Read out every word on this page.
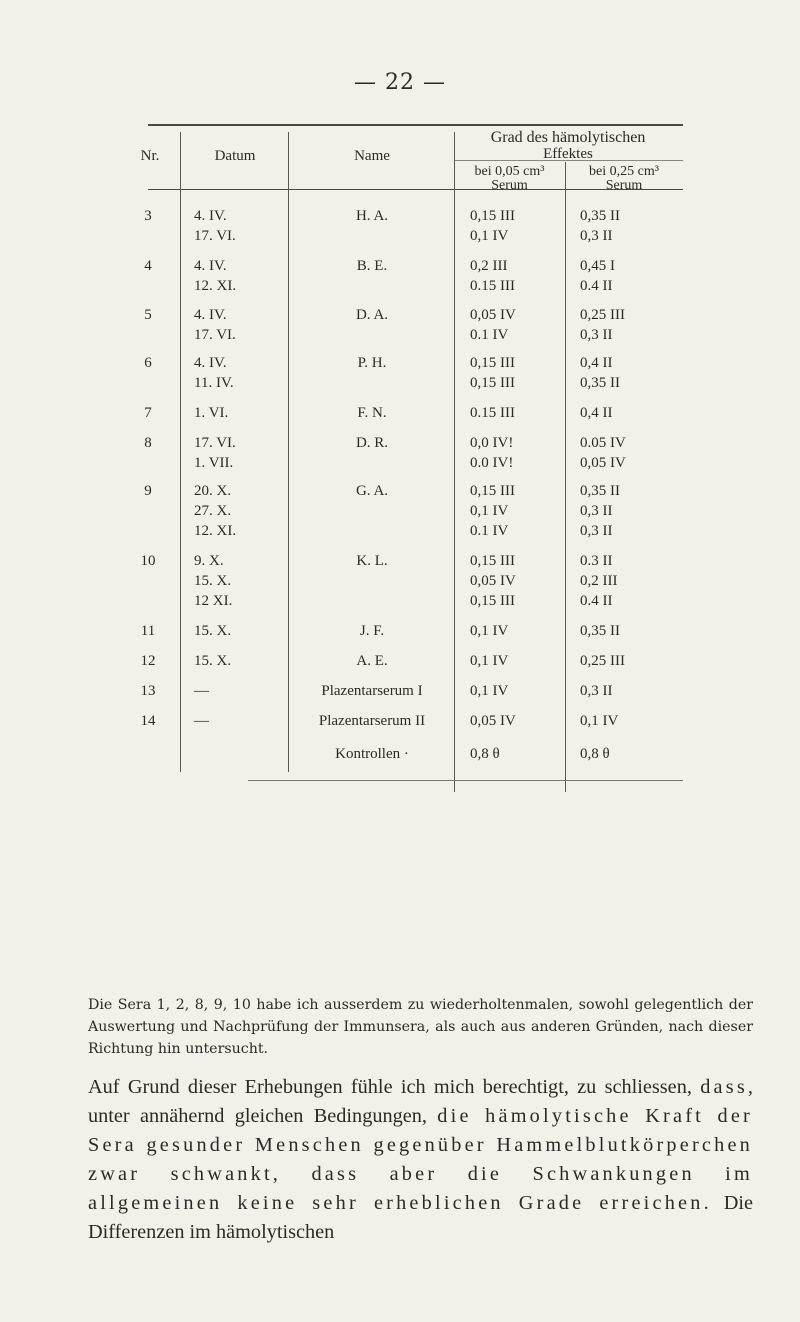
— 22 —
Nr.	Datum	Name
Grad des hämolytischen
Effektes
bei 0,05 cm³
Serum
bei 0,25 cm³
Serum
3	4. IV.	H. A.	0,15 III	0,35 II
17. VI.	0,1 IV	0,3 II
4	4. IV.	B. E.	0,2 III	0,45 I
12. XI.	0.15 III	0.4 II
5	4. IV.	D. A.	0,05 IV	0,25 III
17. VI.	0.1 IV	0,3 II
6	4. IV.	P. H.	0,15 III	0,4 II
11. IV.	0,15 III	0,35 II
7	1. VI.	F. N.	0.15 III	0,4 II
8	17. VI.	D. R.	0,0 IV!	0.05 IV
1. VII.	0.0 IV!	0,05 IV
9	20. X.	G. A.	0,15 III	0,35 II
27. X.	0,1 IV	0,3 II
12. XI.	0.1 IV	0,3 II
10	9. X.	K. L.	0,15 III	0.3 II
15. X.	0,05 IV	0,2 III
12 XI.	0,15 III	0.4 II
11	15. X.	J. F.	0,1 IV	0,35 II
12	15. X.	A. E.	0,1 IV	0,25 III
13	—	Plazentarserum I	0,1 IV	0,3 II
14	—	Plazentarserum II	0,05 IV	0,1 IV
Kontrollen ·	0,8 θ	0,8 θ

Die Sera 1, 2, 8, 9, 10 habe ich ausserdem zu wiederholtenmalen, sowohl gelegentlich der Auswertung und Nachprüfung der Immunsera, als auch aus anderen Gründen, nach dieser Richtung hin untersucht.

Auf Grund dieser Erhebungen fühle ich mich berechtigt, zu schliessen, dass, unter annähernd gleichen Bedingungen, die hämolytische Kraft der Sera gesunder Menschen gegenüber Hammelblutkörperchen zwar schwankt, dass aber die Schwankungen im allgemeinen keine sehr erheblichen Grade erreichen. Die Differenzen im hämolytischen
